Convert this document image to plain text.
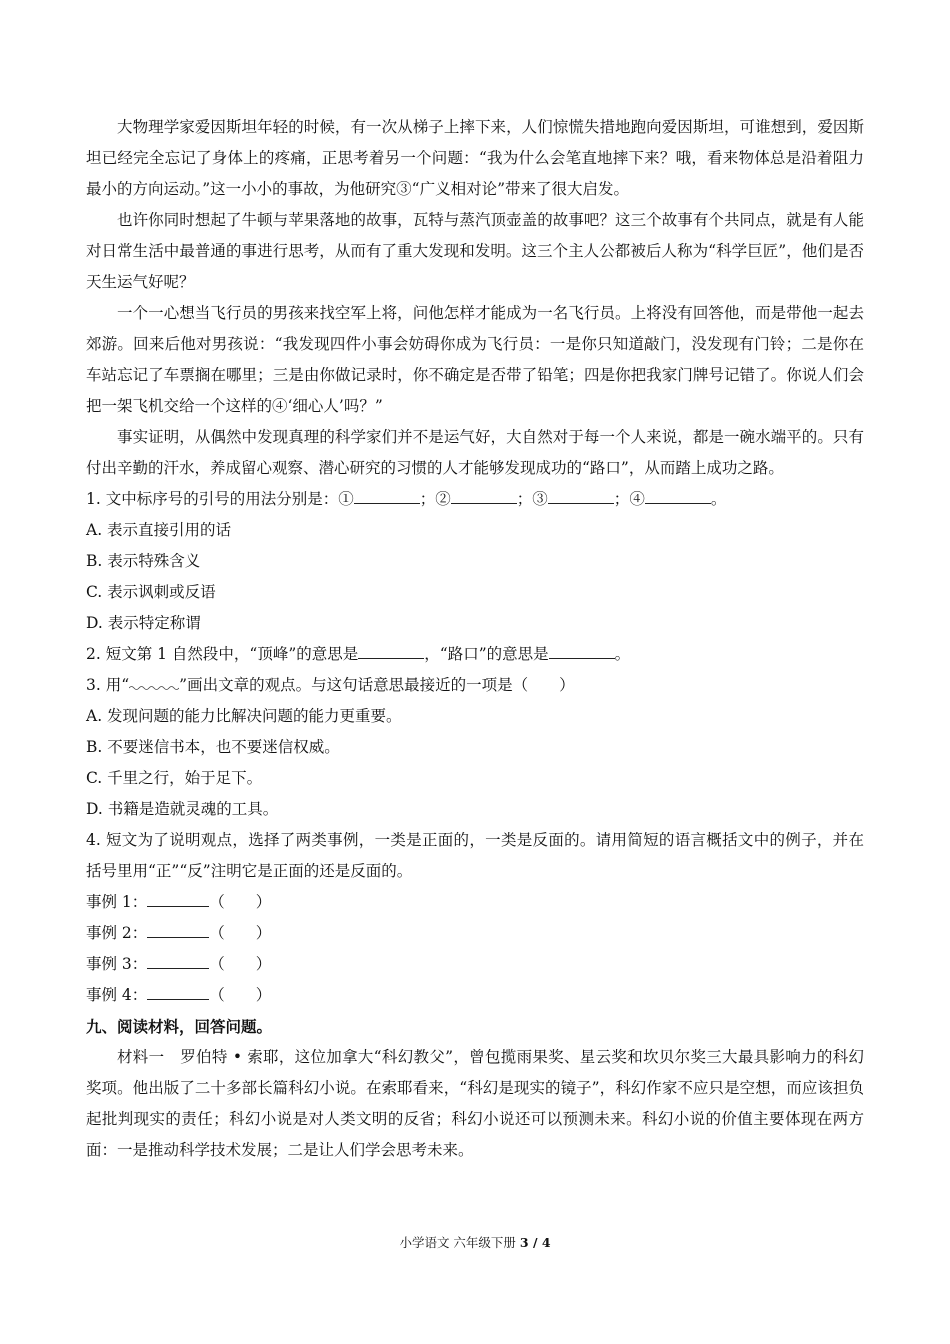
大物理学家爱因斯坦年轻的时候，有一次从梯子上摔下来，人们惊慌失措地跑向爱因斯坦，可谁想到，爱因斯坦已经完全忘记了身体上的疼痛，正思考着另一个问题：“我为什么会笔直地摔下来？哦，看来物体总是沿着阻力最小的方向运动。”这一小小的事故，为他研究③“广义相对论”带来了很大启发。

也许你同时想起了牛顿与苹果落地的故事，瓦特与蒸汽顶壶盖的故事吧？这三个故事有个共同点，就是有人能对日常生活中最普通的事进行思考，从而有了重大发现和发明。这三个主人公都被后人称为“科学巨匠”，他们是否天生运气好呢？

一个一心想当飞行员的男孩来找空军上将，问他怎样才能成为一名飞行员。上将没有回答他，而是带他一起去郊游。回来后他对男孩说：“我发现四件小事会妨碍你成为飞行员：一是你只知道敲门，没发现有门铃；二是你在车站忘记了车票搁在哪里；三是由你做记录时，你不确定是否带了铅笔；四是你把我家门牌号记错了。你说人们会把一架飞机交给一个这样的④‘细心人’吗？”

事实证明，从偶然中发现真理的科学家们并不是运气好，大自然对于每一个人来说，都是一碗水端平的。只有付出辛勤的汗水，养成留心观察、潜心研究的习惯的人才能够发现成功的“路口”，从而踏上成功之路。

1. 文中标序号的引号的用法分别是：①	；②	；③	；④	。

A. 表示直接引用的话

B. 表示特殊含义

C. 表示讽刺或反语

D. 表示特定称谓

2. 短文第 1 自然段中，“顶峰”的意思是	，“路口”的意思是	。

3. 用“	”画出文章的观点。与这句话意思最接近的一项是（　　）

A. 发现问题的能力比解决问题的能力更重要。

B. 不要迷信书本，也不要迷信权威。

C. 千里之行，始于足下。

D. 书籍是造就灵魂的工具。

4. 短文为了说明观点，选择了两类事例，一类是正面的，一类是反面的。请用简短的语言概括文中的例子，并在括号里用“正”“反”注明它是正面的还是反面的。

事例 1：	（　　）

事例 2：	（　　）

事例 3：	（　　）

事例 4：	（　　）

九、阅读材料，回答问题。

材料一　罗伯特 • 索耶，这位加拿大“科幻教父”，曾包揽雨果奖、星云奖和坎贝尔奖三大最具影响力的科幻奖项。他出版了二十多部长篇科幻小说。在索耶看来，“科幻是现实的镜子”，科幻作家不应只是空想，而应该担负起批判现实的责任；科幻小说是对人类文明的反省；科幻小说还可以预测未来。科幻小说的价值主要体现在两方面：一是推动科学技术发展；二是让人们学会思考未来。

小学语文 六年级下册 3 / 4
